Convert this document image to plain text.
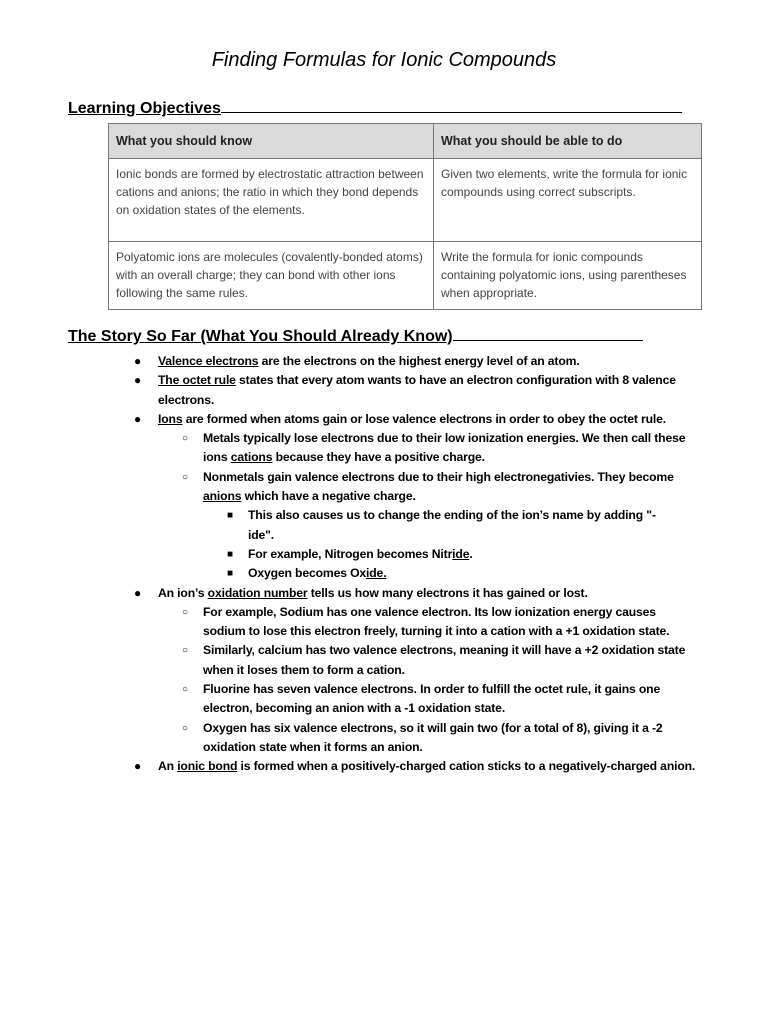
Finding Formulas for Ionic Compounds
Learning Objectives
What you should know	What you should be able to do
Ionic bonds are formed by electrostatic attraction between cations and anions; the ratio in which they bond depends on oxidation states of the elements.	Given two elements, write the formula for ionic compounds using correct subscripts.
Polyatomic ions are molecules (covalently-bonded atoms) with an overall charge; they can bond with other ions following the same rules.	Write the formula for ionic compounds containing polyatomic ions, using parentheses when appropriate.
The Story So Far (What You Should Already Know)
● Valence electrons are the electrons on the highest energy level of an atom.
● The octet rule states that every atom wants to have an electron configuration with 8 valence electrons.
● Ions are formed when atoms gain or lose valence electrons in order to obey the octet rule.
○ Metals typically lose electrons due to their low ionization energies. We then call these ions cations because they have a positive charge.
○ Nonmetals gain valence electrons due to their high electronegativies. They become anions which have a negative charge.
■ This also causes us to change the ending of the ion’s name by adding "-ide".
■ For example, Nitrogen becomes Nitride.
■ Oxygen becomes Oxide.
● An ion’s oxidation number tells us how many electrons it has gained or lost.
○ For example, Sodium has one valence electron. Its low ionization energy causes sodium to lose this electron freely, turning it into a cation with a +1 oxidation state.
○ Similarly, calcium has two valence electrons, meaning it will have a +2 oxidation state when it loses them to form a cation.
○ Fluorine has seven valence electrons. In order to fulfill the octet rule, it gains one electron, becoming an anion with a -1 oxidation state.
○ Oxygen has six valence electrons, so it will gain two (for a total of 8), giving it a -2 oxidation state when it forms an anion.
● An ionic bond is formed when a positively-charged cation sticks to a negatively-charged anion.
